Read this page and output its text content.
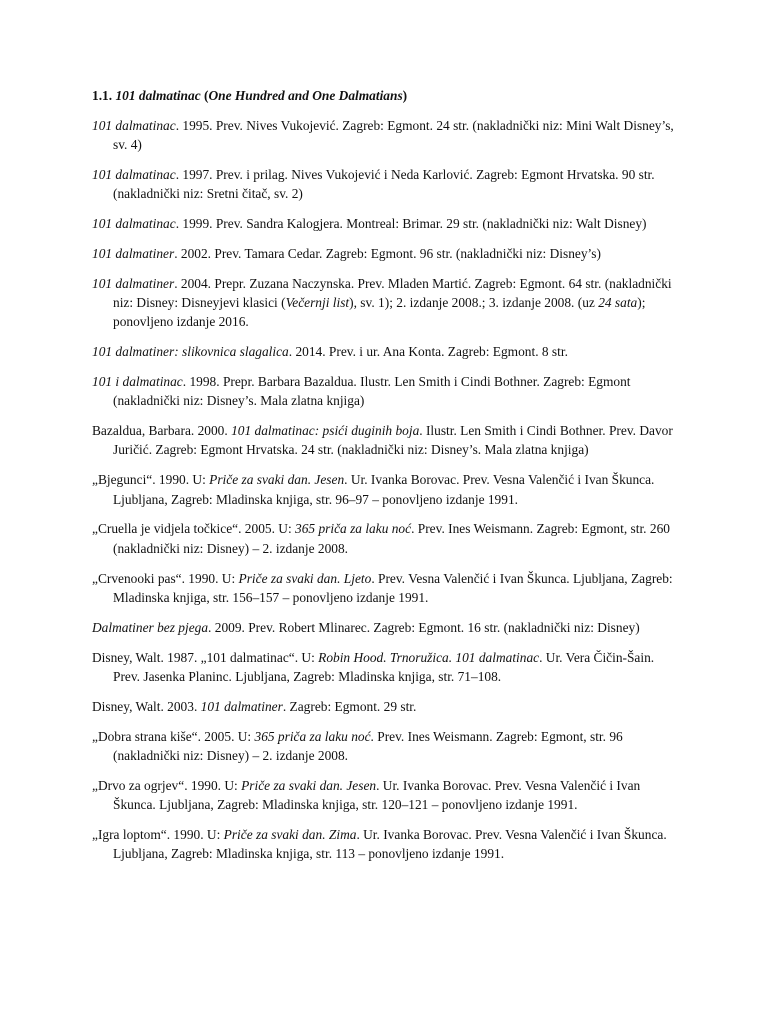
1.1. 101 dalmatinac (One Hundred and One Dalmatians)
101 dalmatinac. 1995. Prev. Nives Vukojević. Zagreb: Egmont. 24 str. (nakladnički niz: Mini Walt Disney’s, sv. 4)
101 dalmatinac. 1997. Prev. i prilag. Nives Vukojević i Neda Karlović. Zagreb: Egmont Hrvatska. 90 str. (nakladnički niz: Sretni čitač, sv. 2)
101 dalmatinac. 1999. Prev. Sandra Kalogjera. Montreal: Brimar. 29 str. (nakladnički niz: Walt Disney)
101 dalmatiner. 2002. Prev. Tamara Cedar. Zagreb: Egmont. 96 str. (nakladnički niz: Disney’s)
101 dalmatiner. 2004. Prepr. Zuzana Naczynska. Prev. Mladen Martić. Zagreb: Egmont. 64 str. (nakladnički niz: Disney: Disneyjevi klasici (Večernji list), sv. 1); 2. izdanje 2008.; 3. izdanje 2008. (uz 24 sata); ponovljeno izdanje 2016.
101 dalmatiner: slikovnica slagalica. 2014. Prev. i ur. Ana Konta. Zagreb: Egmont. 8 str.
101 i dalmatinac. 1998. Prepr. Barbara Bazaldua. Ilustr. Len Smith i Cindi Bothner. Zagreb: Egmont (nakladnički niz: Disney’s. Mala zlatna knjiga)
Bazaldua, Barbara. 2000. 101 dalmatinac: psići duginih boja. Ilustr. Len Smith i Cindi Bothner. Prev. Davor Juričić. Zagreb: Egmont Hrvatska. 24 str. (nakladnički niz: Disney’s. Mala zlatna knjiga)
„Bjegunci“. 1990. U: Priče za svaki dan. Jesen. Ur. Ivanka Borovac. Prev. Vesna Valenčić i Ivan Škunca. Ljubljana, Zagreb: Mladinska knjiga, str. 96–97 – ponovljeno izdanje 1991.
„Cruella je vidjela točkice“. 2005. U: 365 priča za laku noć. Prev. Ines Weismann. Zagreb: Egmont, str. 260 (nakladnički niz: Disney) – 2. izdanje 2008.
„Crvenooki pas“. 1990. U: Priče za svaki dan. Ljeto. Prev. Vesna Valenčić i Ivan Škunca. Ljubljana, Zagreb: Mladinska knjiga, str. 156–157 – ponovljeno izdanje 1991.
Dalmatiner bez pjega. 2009. Prev. Robert Mlinarec. Zagreb: Egmont. 16 str. (nakladnički niz: Disney)
Disney, Walt. 1987. „101 dalmatinac“. U: Robin Hood. Trnoružica. 101 dalmatinac. Ur. Vera Čičin-Šain. Prev. Jasenka Planinc. Ljubljana, Zagreb: Mladinska knjiga, str. 71–108.
Disney, Walt. 2003. 101 dalmatiner. Zagreb: Egmont. 29 str.
„Dobra strana kiše“. 2005. U: 365 priča za laku noć. Prev. Ines Weismann. Zagreb: Egmont, str. 96 (nakladnički niz: Disney) – 2. izdanje 2008.
„Drvo za ogrjev“. 1990. U: Priče za svaki dan. Jesen. Ur. Ivanka Borovac. Prev. Vesna Valenčić i Ivan Škunca. Ljubljana, Zagreb: Mladinska knjiga, str. 120–121 – ponovljeno izdanje 1991.
„Igra loptom“. 1990. U: Priče za svaki dan. Zima. Ur. Ivanka Borovac. Prev. Vesna Valenčić i Ivan Škunca. Ljubljana, Zagreb: Mladinska knjiga, str. 113 – ponovljeno izdanje 1991.
